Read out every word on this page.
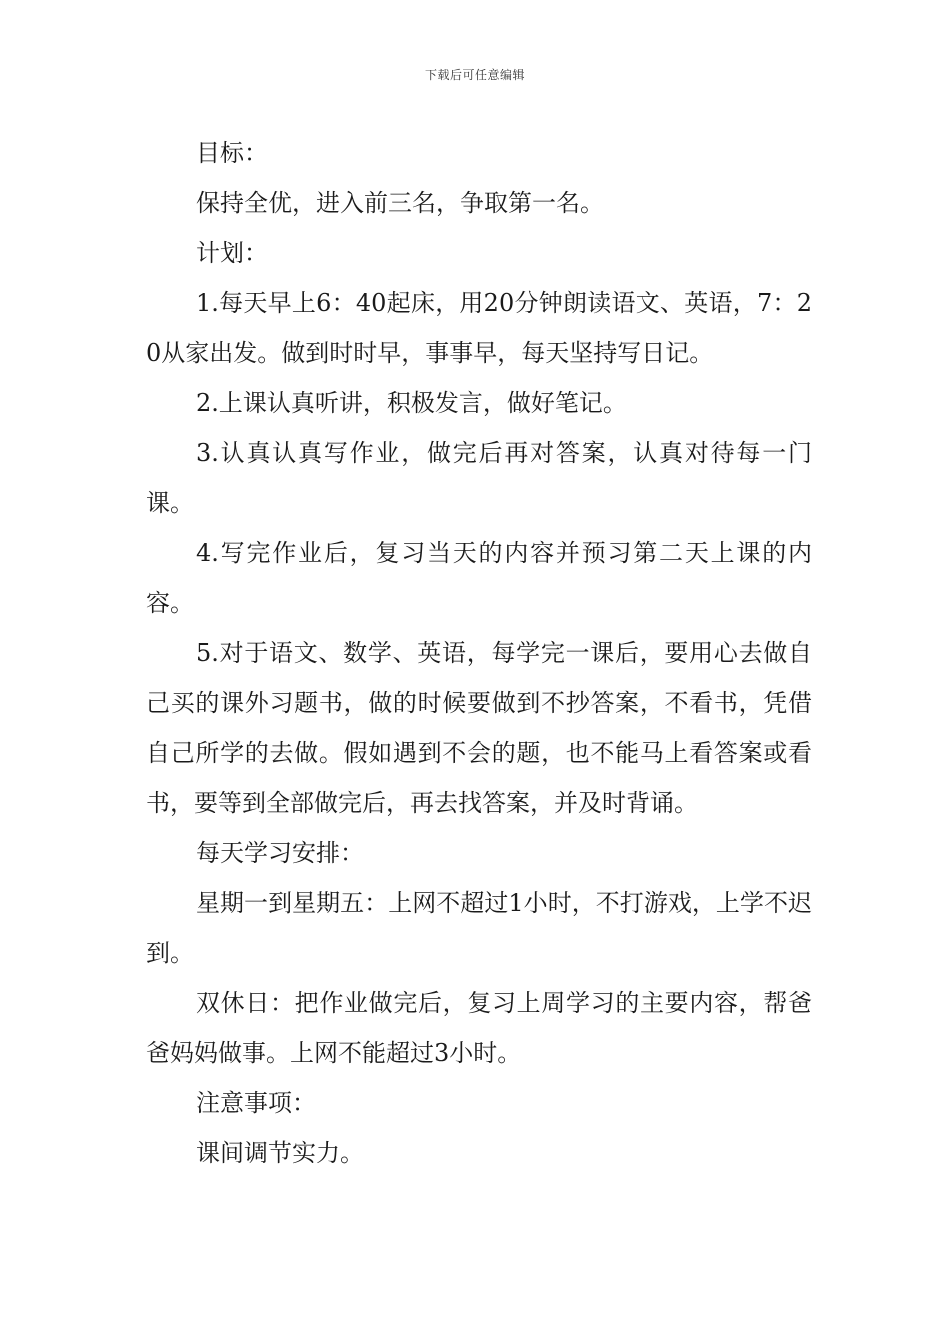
下载后可任意编辑

目标：

保持全优，进入前三名，争取第一名。

计划：

1.每天早上6：40起床，用20分钟朗读语文、英语，7：20从家出发。做到时时早，事事早，每天坚持写日记。

2.上课认真听讲，积极发言，做好笔记。

3.认真认真写作业，做完后再对答案，认真对待每一门课。

4.写完作业后，复习当天的内容并预习第二天上课的内容。

5.对于语文、数学、英语，每学完一课后，要用心去做自己买的课外习题书，做的时候要做到不抄答案，不看书，凭借自己所学的去做。假如遇到不会的题，也不能马上看答案或看书，要等到全部做完后，再去找答案，并及时背诵。

每天学习安排：

星期一到星期五：上网不超过1小时，不打游戏，上学不迟到。

双休日：把作业做完后，复习上周学习的主要内容，帮爸爸妈妈做事。上网不能超过3小时。

注意事项：

课间调节实力。
